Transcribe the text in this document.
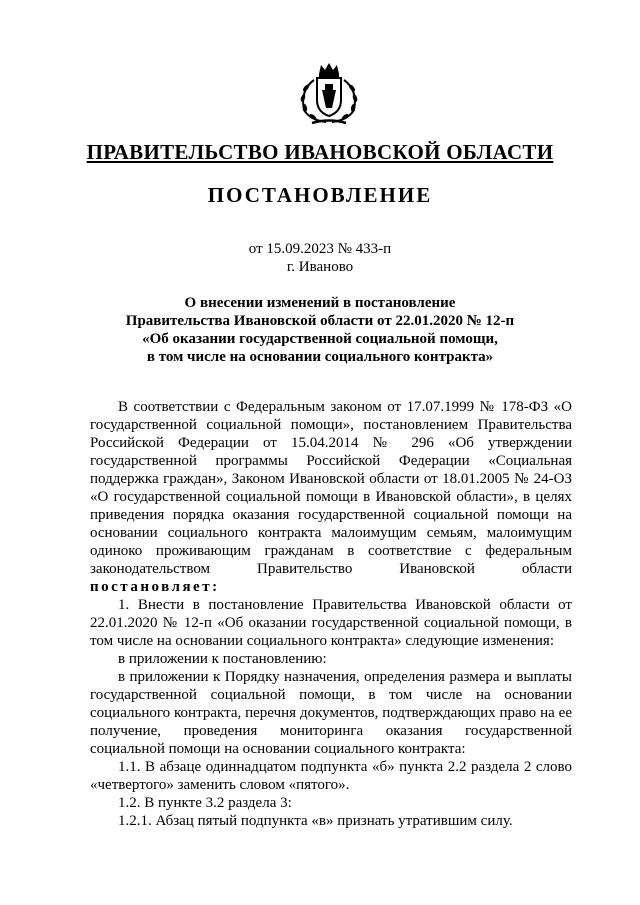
ПРАВИТЕЛЬСТВО ИВАНОВСКОЙ ОБЛАСТИ
ПОСТАНОВЛЕНИЕ
от 15.09.2023 № 433-п
г. Иваново
О внесении изменений в постановление
Правительства Ивановской области от 22.01.2020 № 12-п
«Об оказании государственной социальной помощи,
в том числе на основании социального контракта»

В соответствии с Федеральным законом от 17.07.1999 № 178-ФЗ «О государственной социальной помощи», постановлением Правительства Российской Федерации от 15.04.2014 № 296 «Об утверждении государственной программы Российской Федерации «Социальная поддержка граждан», Законом Ивановской области от 18.01.2005 № 24-ОЗ «О государственной социальной помощи в Ивановской области», в целях приведения порядка оказания государственной социальной помощи на основании социального контракта малоимущим семьям, малоимущим одиноко проживающим гражданам в соответствие с федеральным законодательством Правительство Ивановской области постановляет:

1. Внести в постановление Правительства Ивановской области от 22.01.2020 № 12-п «Об оказании государственной социальной помощи, в том числе на основании социального контракта» следующие изменения:

в приложении к постановлению:

в приложении к Порядку назначения, определения размера и выплаты государственной социальной помощи, в том числе на основании социального контракта, перечня документов, подтверждающих право на ее получение, проведения мониторинга оказания государственной социальной помощи на основании социального контракта:

1.1. В абзаце одиннадцатом подпункта «б» пункта 2.2 раздела 2 слово «четвертого» заменить словом «пятого».

1.2. В пункте 3.2 раздела 3:

1.2.1. Абзац пятый подпункта «в» признать утратившим силу.
